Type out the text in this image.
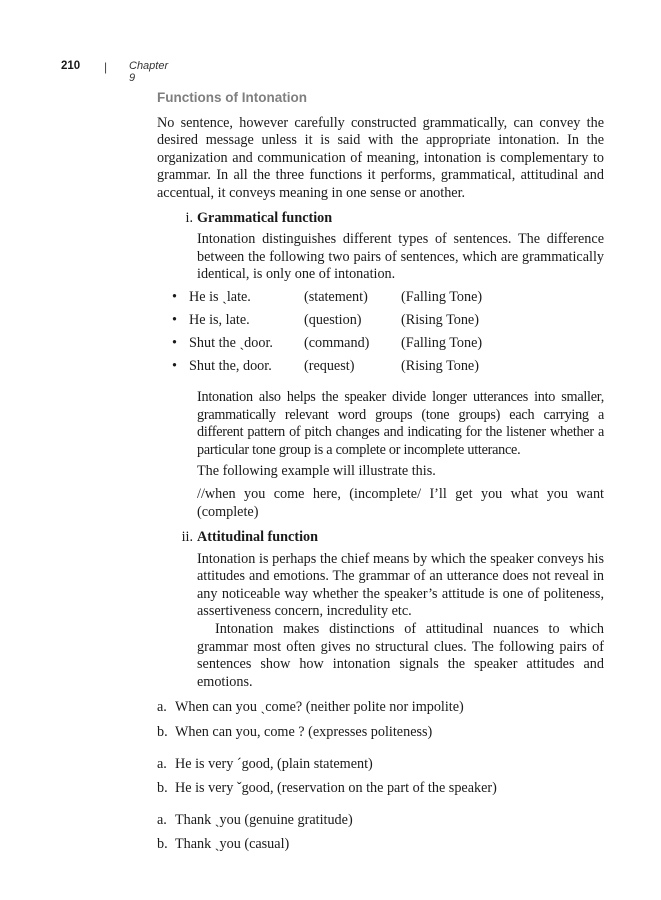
210 | Chapter 9
Functions of Intonation

No sentence, however carefully constructed grammatically, can convey the desired message unless it is said with the appropriate intonation. In the organization and communication of meaning, intonation is complementary to grammar. In all the three functions it performs, grammatical, attitudinal and accentual, it conveys meaning in one sense or another.

i. Grammatical function

Intonation distinguishes different types of sentences. The difference between the following two pairs of sentences, which are grammatically identical, is only one of intonation.

• He is ˎlate.	(statement) (Falling Tone)
• He is, late.	(question)	(Rising Tone)
• Shut the ˎdoor. (command) (Falling Tone)
• Shut the, door. (request)	(Rising Tone)

Intonation also helps the speaker divide longer utterances into smaller, grammatically relevant word groups (tone groups) each carrying a different pattern of pitch changes and indicating for the listener whether a particular tone group is a complete or incomplete utterance.

The following example will illustrate this.

//when you come here, (incomplete/ I’ll get you what you want (complete)

ii. Attitudinal function

Intonation is perhaps the chief means by which the speaker conveys his attitudes and emotions. The grammar of an utterance does not reveal in any noticeable way whether the speaker’s attitude is one of politeness, assertiveness concern, incredulity etc.

Intonation makes distinctions of attitudinal nuances to which grammar most often gives no structural clues. The following pairs of sentences show how intonation signals the speaker attitudes and emotions.

a. When can you ˎcome? (neither polite nor impolite)
b. When can you, come ? (expresses politeness)
a. He is very ˊgood, (plain statement)
b. He is very ˇgood, (reservation on the part of the speaker)
a. Thank ˏyou (genuine gratitude)
b. Thank ˎyou (casual)
